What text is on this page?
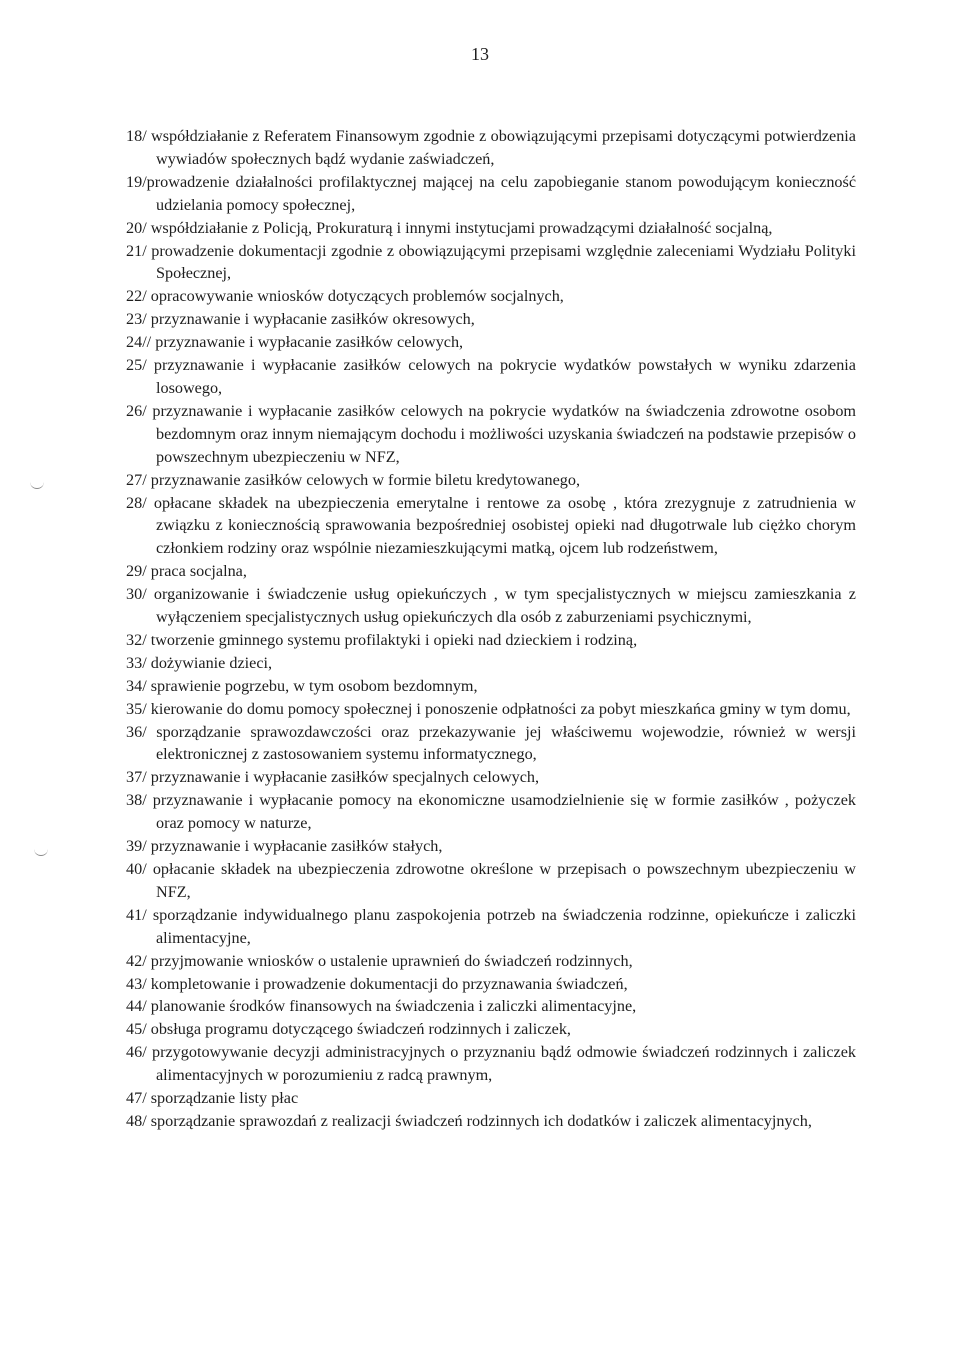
13
18/ współdziałanie z Referatem Finansowym zgodnie z obowiązującymi przepisami dotyczącymi potwierdzenia wywiadów społecznych bądź wydanie zaświadczeń,
19/prowadzenie działalności profilaktycznej mającej na celu zapobieganie stanom powodującym konieczność udzielania pomocy społecznej,
20/ współdziałanie z Policją, Prokuraturą i innymi instytucjami prowadzącymi działalność socjalną,
21/ prowadzenie dokumentacji zgodnie z obowiązującymi przepisami względnie zaleceniami Wydziału Polityki Społecznej,
22/ opracowywanie wniosków dotyczących problemów socjalnych,
23/ przyznawanie i wypłacanie zasiłków okresowych,
24// przyznawanie i wypłacanie zasiłków celowych,
25/ przyznawanie i wypłacanie zasiłków celowych na pokrycie wydatków powstałych w wyniku zdarzenia losowego,
26/ przyznawanie i wypłacanie zasiłków celowych na pokrycie wydatków na świadczenia zdrowotne osobom bezdomnym oraz innym niemającym dochodu i możliwości uzyskania świadczeń na podstawie przepisów o powszechnym ubezpieczeniu w NFZ,
27/ przyznawanie zasiłków celowych w formie biletu kredytowanego,
28/ opłacane składek na ubezpieczenia emerytalne i rentowe za osobę , która zrezygnuje z zatrudnienia w związku z koniecznością sprawowania bezpośredniej osobistej opieki nad długotrwale lub ciężko chorym członkiem rodziny oraz wspólnie niezamieszkującymi matką, ojcem lub rodzeństwem,
29/ praca socjalna,
30/ organizowanie i świadczenie usług opiekuńczych , w tym specjalistycznych w miejscu zamieszkania z wyłączeniem specjalistycznych usług opiekuńczych dla osób z zaburzeniami psychicznymi,
32/ tworzenie gminnego systemu profilaktyki i opieki nad dzieckiem i rodziną,
33/ dożywianie dzieci,
34/ sprawienie pogrzebu, w tym osobom bezdomnym,
35/ kierowanie do domu pomocy społecznej i ponoszenie odpłatności za pobyt mieszkańca gminy w tym domu,
36/ sporządzanie sprawozdawczości oraz przekazywanie jej właściwemu wojewodzie, również w wersji elektronicznej z zastosowaniem systemu informatycznego,
37/ przyznawanie i wypłacanie zasiłków specjalnych celowych,
38/ przyznawanie i wypłacanie pomocy na ekonomiczne usamodzielnienie się w formie zasiłków , pożyczek oraz pomocy w naturze,
39/ przyznawanie i wypłacanie zasiłków stałych,
40/ opłacanie składek na ubezpieczenia zdrowotne określone w przepisach o powszechnym ubezpieczeniu w NFZ,
41/ sporządzanie indywidualnego planu zaspokojenia potrzeb na świadczenia rodzinne, opiekuńcze i zaliczki alimentacyjne,
42/ przyjmowanie wniosków o ustalenie uprawnień do świadczeń rodzinnych,
43/ kompletowanie i prowadzenie dokumentacji do przyznawania świadczeń,
44/ planowanie środków finansowych na świadczenia i zaliczki alimentacyjne,
45/ obsługa programu dotyczącego świadczeń rodzinnych i zaliczek,
46/ przygotowywanie decyzji administracyjnych o przyznaniu bądź odmowie świadczeń rodzinnych i zaliczek alimentacyjnych w porozumieniu z radcą prawnym,
47/ sporządzanie listy płac
48/ sporządzanie sprawozdań z realizacji świadczeń rodzinnych ich dodatków i zaliczek alimentacyjnych,
